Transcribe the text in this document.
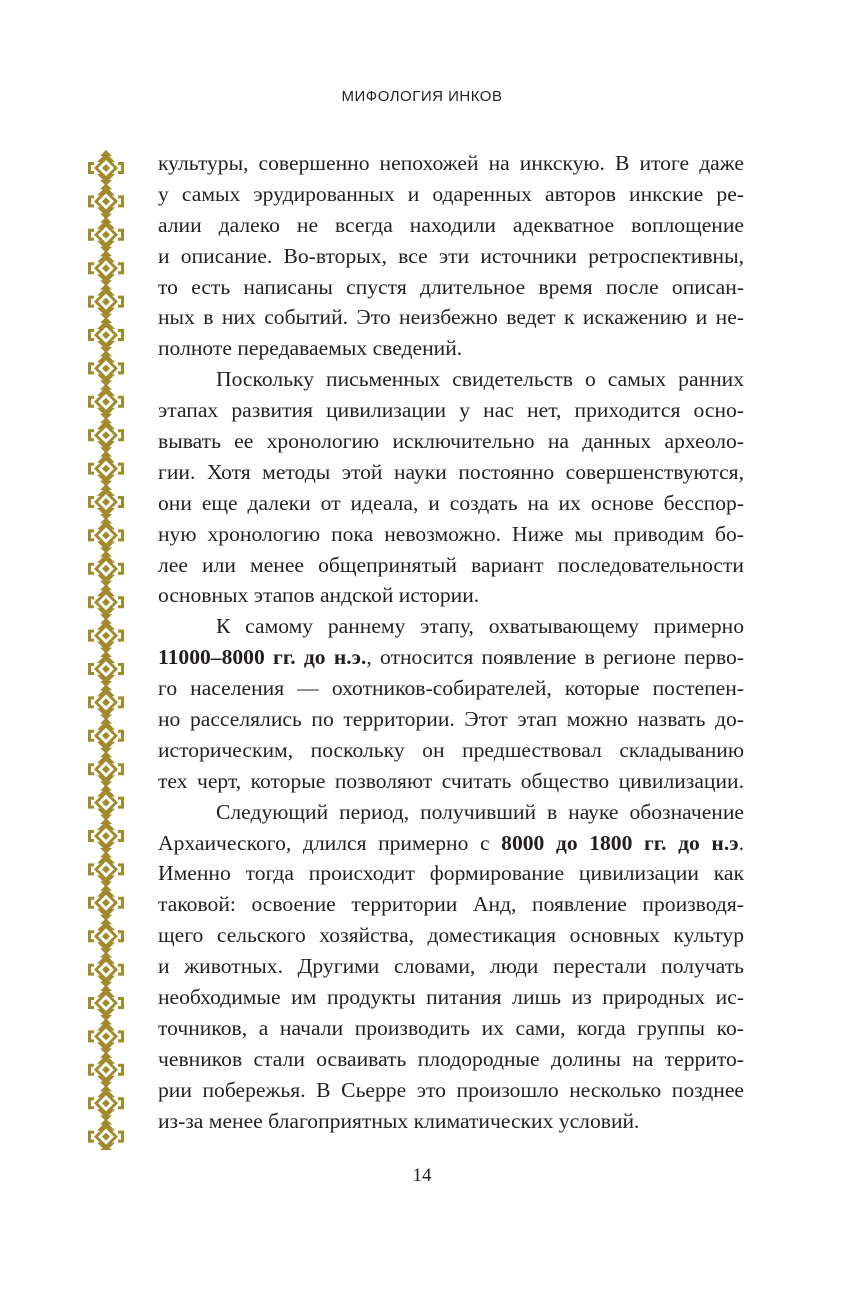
МИФОЛОГИЯ ИНКОВ
культуры, совершенно непохожей на инкскую. В итоге даже
у самых эрудированных и одаренных авторов инкские ре-
алии далеко не всегда находили адекватное воплощение
и описание. Во-вторых, все эти источники ретроспективны,
то есть написаны спустя длительное время после описан-
ных в них событий. Это неизбежно ведет к искажению и не-
полноте передаваемых сведений.
Поскольку письменных свидетельств о самых ранних
этапах развития цивилизации у нас нет, приходится осно-
вывать ее хронологию исключительно на данных археоло-
гии. Хотя методы этой науки постоянно совершенствуются,
они еще далеки от идеала, и создать на их основе бесспор-
ную хронологию пока невозможно. Ниже мы приводим бо-
лее или менее общепринятый вариант последовательности
основных этапов андской истории.
К самому раннему этапу, охватывающему примерно
11000–8000 гг. до н.э., относится появление в регионе перво-
го населения — охотников-собирателей, которые постепен-
но расселялись по территории. Этот этап можно назвать до-
историческим, поскольку он предшествовал складыванию
тех черт, которые позволяют считать общество цивилизации.
Следующий период, получивший в науке обозначение
Архаического, длился примерно с 8000 до 1800 гг. до н.э.
Именно тогда происходит формирование цивилизации как
таковой: освоение территории Анд, появление производя-
щего сельского хозяйства, доместикация основных культур
и животных. Другими словами, люди перестали получать
необходимые им продукты питания лишь из природных ис-
точников, а начали производить их сами, когда группы ко-
чевников стали осваивать плодородные долины на террито-
рии побережья. В Сьерре это произошло несколько позднее
из-за менее благоприятных климатических условий.
14
